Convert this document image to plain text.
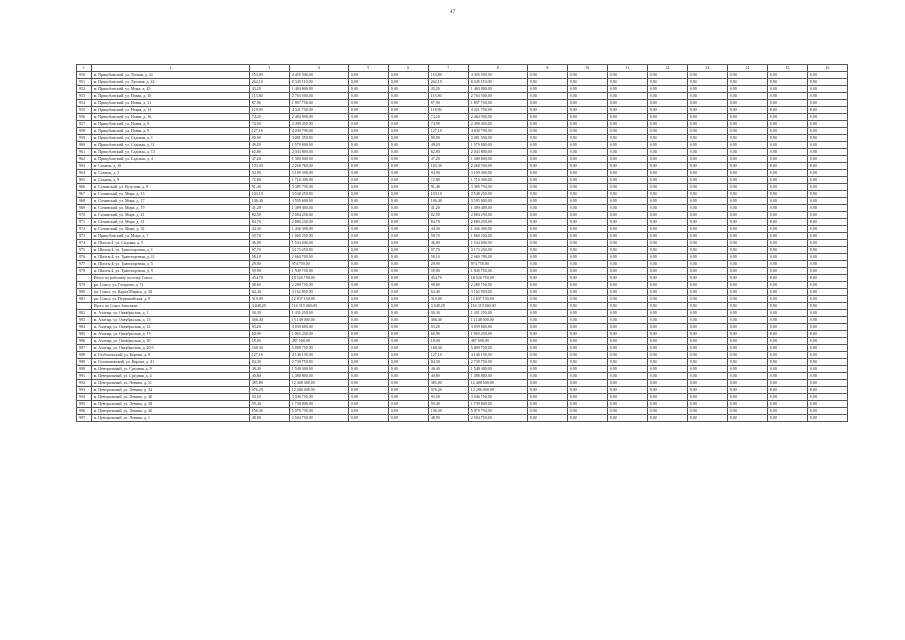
47
1	2	3	4	5	6	7	8	9	10	11	12	13	14	15	16
950	м. Прикубанский, ул. Лесная, д. 41	153,80	4 455 500,00	0,00	0,00	153,80	4 455 500,00	0,00	0,00	0,00	0,00	0,00	0,00	0,00	0,00
951	м. Прикубанский, ул. Луговая, д. 42	262,10	8 345 110,00	0,00	0,00	262,10	8 345 110,00	0,00	0,00	0,00	0,00	0,00	0,00	0,00	0,00
952	м. Прикубанский, ул. Мира, д. 45	43,20	1 484 800,00	0,00	0,00	43,20	1 484 800,00	0,00	0,00	0,00	0,00	0,00	0,00	0,00	0,00
953	м. Прикубанский, ул. Новая, д. 10	113,80	2 763 500,00	0,00	0,00	113,80	2 763 500,00	0,00	0,00	0,00	0,00	0,00	0,00	0,00	0,00
954	м. Прикубанский, ул. Новая, д. 11	87,90	1 897 750,00	0,00	0,00	87,90	1 897 750,00	0,00	0,00	0,00	0,00	0,00	0,00	0,00	0,00
955	м. Прикубанский, ул. Новая, д. 14	118,90	4 321 750,00	0,00	0,00	118,90	4 321 750,00	0,00	0,00	0,00	0,00	0,00	0,00	0,00	0,00
956	м. Прикубанский, ул. Новая, д. 16	74,20	2 484 000,00	0,00	0,00	74,20	2 484 000,00	0,00	0,00	0,00	0,00	0,00	0,00	0,00	0,00
957	м. Прикубанский, ул. Новая, д. 8	74,90	2 499 450,00	0,00	0,00	74,90	2 499 450,00	0,00	0,00	0,00	0,00	0,00	0,00	0,00	0,00
958	м. Прикубанский, ул. Новая, д. 9	127,10	4 030 790,00	0,00	0,00	127,10	4 030 790,00	0,00	0,00	0,00	0,00	0,00	0,00	0,00	0,00
959	м. Прикубанский, ул. Садовая, д. 1	90,90	3 081 350,00	0,00	0,00	90,90	3 081 350,00	0,00	0,00	0,00	0,00	0,00	0,00	0,00	0,00
960	м. Прикубанский, ул. Садовая, д. 11	49,20	1 579 800,00	0,00	0,00	49,20	1 579 800,00	0,00	0,00	0,00	0,00	0,00	0,00	0,00	0,00
961	м. Прикубанский, ул. Садовая, д. 13	62,80	2 043 800,00	0,00	0,00	62,80	2 043 800,00	0,00	0,00	0,00	0,00	0,00	0,00	0,00	0,00
962	м. Прикубанский, ул. Садовая, д. 4	47,20	1 380 600,00	0,00	0,00	47,20	1 380 600,00	0,00	0,00	0,00	0,00	0,00	0,00	0,00	0,00
963	м. Саханы, д. 10	103,30	2 268 760,00	0,00	0,00	103,30	2 268 760,00	0,00	0,00	0,00	0,00	0,00	0,00	0,00	0,00
964	м. Саханы, д. 5	94,90	3 109 300,00	0,00	0,00	94,90	3 109 300,00	0,00	0,00	0,00	0,00	0,00	0,00	0,00	0,00
965	м. Саханы, д. 9	72,80	1 716 300,00	0,00	0,00	72,80	1 716 300,00	0,00	0,00	0,00	0,00	0,00	0,00	0,00	0,00
966	м. Сочинский, ул. Кутузова, д. 9	91,40	3 385 750,00	0,00	0,00	91,40	3 385 750,00	0,00	0,00	0,00	0,00	0,00	0,00	0,00	0,00
967	м. Сочинский, ул. Мира, д. 13	103,10	3 548 250,00	0,00	0,00	103,10	3 548 250,00	0,00	0,00	0,00	0,00	0,00	0,00	0,00	0,00
968	м. Сочинский, ул. Мира, д. 17	106,40	3 595 600,00	0,00	0,00	106,40	3 595 600,00	0,00	0,00	0,00	0,00	0,00	0,00	0,00	0,00
969	м. Сочинский, ул. Мира, д. 19	41,20	1 389 400,00	0,00	0,00	41,20	1 389 400,00	0,00	0,00	0,00	0,00	0,00	0,00	0,00	0,00
970	м. Сочинский, ул. Мира, д. 21	82,50	2 684 250,00	0,00	0,00	82,50	2 684 250,00	0,00	0,00	0,00	0,00	0,00	0,00	0,00	0,00
971	м. Сочинский, ул. Мира, д. 31	84,70	2 880 250,00	0,00	0,00	84,70	2 880 250,00	0,00	0,00	0,00	0,00	0,00	0,00	0,00	0,00
972	м. Сочинский, ул. Мира, д. 32	44,30	1 436 300,00	0,00	0,00	44,30	1 436 300,00	0,00	0,00	0,00	0,00	0,00	0,00	0,00	0,00
973	м. Прикубанский, ул. Мира, д. 7	50,70	1 660 250,00	0,00	0,00	50,70	1 660 250,00	0,00	0,00	0,00	0,00	0,00	0,00	0,00	0,00
974	м. Шахты 4, ул. Садовая, д. 5	46,80	1 534 600,00	0,00	0,00	46,80	1 534 600,00	0,00	0,00	0,00	0,00	0,00	0,00	0,00	0,00
975	м. Шахты 4, ул. Транспортная, д. 1	97,70	3 173 250,00	0,00	0,00	97,70	3 173 250,00	0,00	0,00	0,00	0,00	0,00	0,00	0,00	0,00
976	м. Шахты 4, ул. Транспортная, д. 11	58,10	2 660 700,00	0,00	0,00	58,10	2 660 700,00	0,00	0,00	0,00	0,00	0,00	0,00	0,00	0,00
977	м. Шахты 4, ул. Транспортная, д. 5	29,90	974 750,00	0,00	0,00	29,90	974 750,00	0,00	0,00	0,00	0,00	0,00	0,00	0,00	0,00
978	м. Шахты 4, ул. Транспортная, д. 9	59,90	1 949 750,00	0,00	0,00	59,90	1 949 750,00	0,00	0,00	0,00	0,00	0,00	0,00	0,00	0,00
	Итого по рабочему поселку Сокол:	454,70	18 526 750,00	0,00	0,00	454,70	18 526 750,00	0,00	0,00	0,00	0,00	0,00	0,00	0,00	0,00
979	рп. Сокол, ул. Гагарина, д. 71	98,60	2 280 750,00	0,00	0,00	98,60	2 280 750,00	0,00	0,00	0,00	0,00	0,00	0,00	0,00	0,00
980	рп. Сокол, ул. Карла Маркса, д. 30	64,40	3 162 850,00	0,00	0,00	64,40	3 162 850,00	0,00	0,00	0,00	0,00	0,00	0,00	0,00	0,00
981	рп. Сокол, ул. Первомайская, д. 9	319,00	12 837 150,00	0,00	0,00	319,00	12 837 150,00	0,00	0,00	0,00	0,00	0,00	0,00	0,00	0,00
	Итого по Сокол Заволжье:	3 048,20	116 319 460,00	0,00	0,00	3 048,20	116 319 460,00	0,00	0,00	0,00	0,00	0,00	0,00	0,00	0,00
982	м. Алатыр, ул. Октябрьская, д. 1	30,30	1 431 250,00	0,00	0,00	30,30	1 431 250,00	0,00	0,00	0,00	0,00	0,00	0,00	0,00	0,00
983	м. Алатыр, ул. Октябрьская, д. 13	366,40	13 148 000,00	0,00	0,00	366,40	13 148 000,00	0,00	0,00	0,00	0,00	0,00	0,00	0,00	0,00
984	м. Алатыр, ул. Октябрьская, д. 14	93,20	3 039 600,00	0,00	0,00	93,20	3 039 600,00	0,00	0,00	0,00	0,00	0,00	0,00	0,00	0,00
985	м. Алатыр, ул. Октябрьская, д. 15	60,90	1 965 250,00	0,00	0,00	60,90	1 965 250,00	0,00	0,00	0,00	0,00	0,00	0,00	0,00	0,00
986	м. Алатыр, ул. Октябрьская, д. 20	18,00	487 500,00	0,00	0,00	18,00	487 500,00	0,00	0,00	0,00	0,00	0,00	0,00	0,00	0,00
987	м. Алатыр, ул. Октябрьская, д. 20 б	168,30	5 809 750,00	0,00	0,00	168,30	5 809 750,00	0,00	0,00	0,00	0,00	0,00	0,00	0,00	0,00
988	м. Глубоковский, ул. Кирова, д. 8	127,10	4 146 150,00	0,00	0,00	127,10	4 146 150,00	0,00	0,00	0,00	0,00	0,00	0,00	0,00	0,00
989	м. Головановский, ул. Кирова, д. 41	84,30	2 739 750,00	0,00	0,00	84,30	2 739 750,00	0,00	0,00	0,00	0,00	0,00	0,00	0,00	0,00
990	м. Центральный, ул. Средняя, д. 9	48,40	1 549 300,00	0,00	0,00	48,40	1 549 300,00	0,00	0,00	0,00	0,00	0,00	0,00	0,00	0,00
991	м. Центральный, ул. Средняя, д. 4	40,80	1 388 800,00	0,00	0,00	40,80	1 388 800,00	0,00	0,00	0,00	0,00	0,00	0,00	0,00	0,00
992	м. Центральный, ул. Ленина, д. 11	385,80	12 408 500,00	0,00	0,00	385,80	12 408 500,00	0,00	0,00	0,00	0,00	0,00	0,00	0,00	0,00
993	м. Центральный, ул. Ленина, д. 34	376,20	12 286 000,00	0,00	0,00	376,20	12 286 000,00	0,00	0,00	0,00	0,00	0,00	0,00	0,00	0,00
994	м. Центральный, ул. Ленина, д. 36	93,50	3 046 750,00	0,00	0,00	93,50	3 046 750,00	0,00	0,00	0,00	0,00	0,00	0,00	0,00	0,00
995	м. Центральный, ул. Ленина, д. 38	59,40	1 739 800,00	0,00	0,00	59,40	1 739 800,00	0,00	0,00	0,00	0,00	0,00	0,00	0,00	0,00
996	м. Центральный, ул. Ленина, д. 40	156,30	5 079 750,00	0,00	0,00	156,30	5 079 750,00	0,00	0,00	0,00	0,00	0,00	0,00	0,00	0,00
997	м. Центральный, ул. Ленина, д. 1	48,90	2 504 750,00	0,00	0,00	48,90	2 504 750,00	0,00	0,00	0,00	0,00	0,00	0,00	0,00	0,00
